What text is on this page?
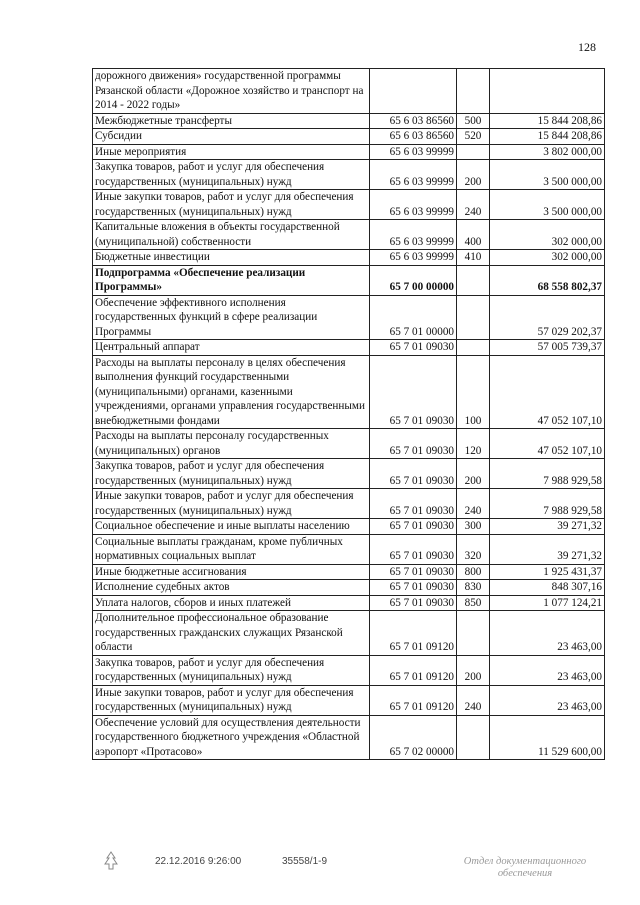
128
дорожного движения» государственной программы Рязанской области «Дорожное хозяйство и транспорт на 2014 - 2022 годы»			
Межбюджетные трансферты	65 6 03 86560	500	15 844 208,86
Субсидии	65 6 03 86560	520	15 844 208,86
Иные мероприятия	65 6 03 99999		3 802 000,00
Закупка товаров, работ и услуг для обеспечения государственных (муниципальных) нужд	65 6 03 99999	200	3 500 000,00
Иные закупки товаров, работ и услуг для обеспечения государственных (муниципальных) нужд	65 6 03 99999	240	3 500 000,00
Капитальные вложения в объекты государственной (муниципальной) собственности	65 6 03 99999	400	302 000,00
Бюджетные инвестиции	65 6 03 99999	410	302 000,00
Подпрограмма «Обеспечение реализации Программы»	65 7 00 00000		68 558 802,37
Обеспечение эффективного исполнения государственных функций в сфере реализации Программы	65 7 01 00000		57 029 202,37
Центральный аппарат	65 7 01 09030		57 005 739,37
Расходы на выплаты персоналу в целях обеспечения выполнения функций государственными (муниципальными) органами, казенными учреждениями, органами управления государственными внебюджетными фондами	65 7 01 09030	100	47 052 107,10
Расходы на выплаты персоналу государственных (муниципальных) органов	65 7 01 09030	120	47 052 107,10
Закупка товаров, работ и услуг для обеспечения государственных (муниципальных) нужд	65 7 01 09030	200	7 988 929,58
Иные закупки товаров, работ и услуг для обеспечения государственных (муниципальных) нужд	65 7 01 09030	240	7 988 929,58
Социальное обеспечение и иные выплаты населению	65 7 01 09030	300	39 271,32
Социальные выплаты гражданам, кроме публичных нормативных социальных выплат	65 7 01 09030	320	39 271,32
Иные бюджетные ассигнования	65 7 01 09030	800	1 925 431,37
Исполнение судебных актов	65 7 01 09030	830	848 307,16
Уплата налогов, сборов и иных платежей	65 7 01 09030	850	1 077 124,21
Дополнительное профессиональное образование государственных гражданских служащих Рязанской области	65 7 01 09120		23 463,00
Закупка товаров, работ и услуг для обеспечения государственных (муниципальных) нужд	65 7 01 09120	200	23 463,00
Иные закупки товаров, работ и услуг для обеспечения государственных (муниципальных) нужд	65 7 01 09120	240	23 463,00
Обеспечение условий для осуществления деятельности государственного бюджетного учреждения «Областной аэропорт «Протасово»	65 7 02 00000		11 529 600,00
22.12.2016 9:26:00	35558/1-9	Отдел документационного
обеспечения
